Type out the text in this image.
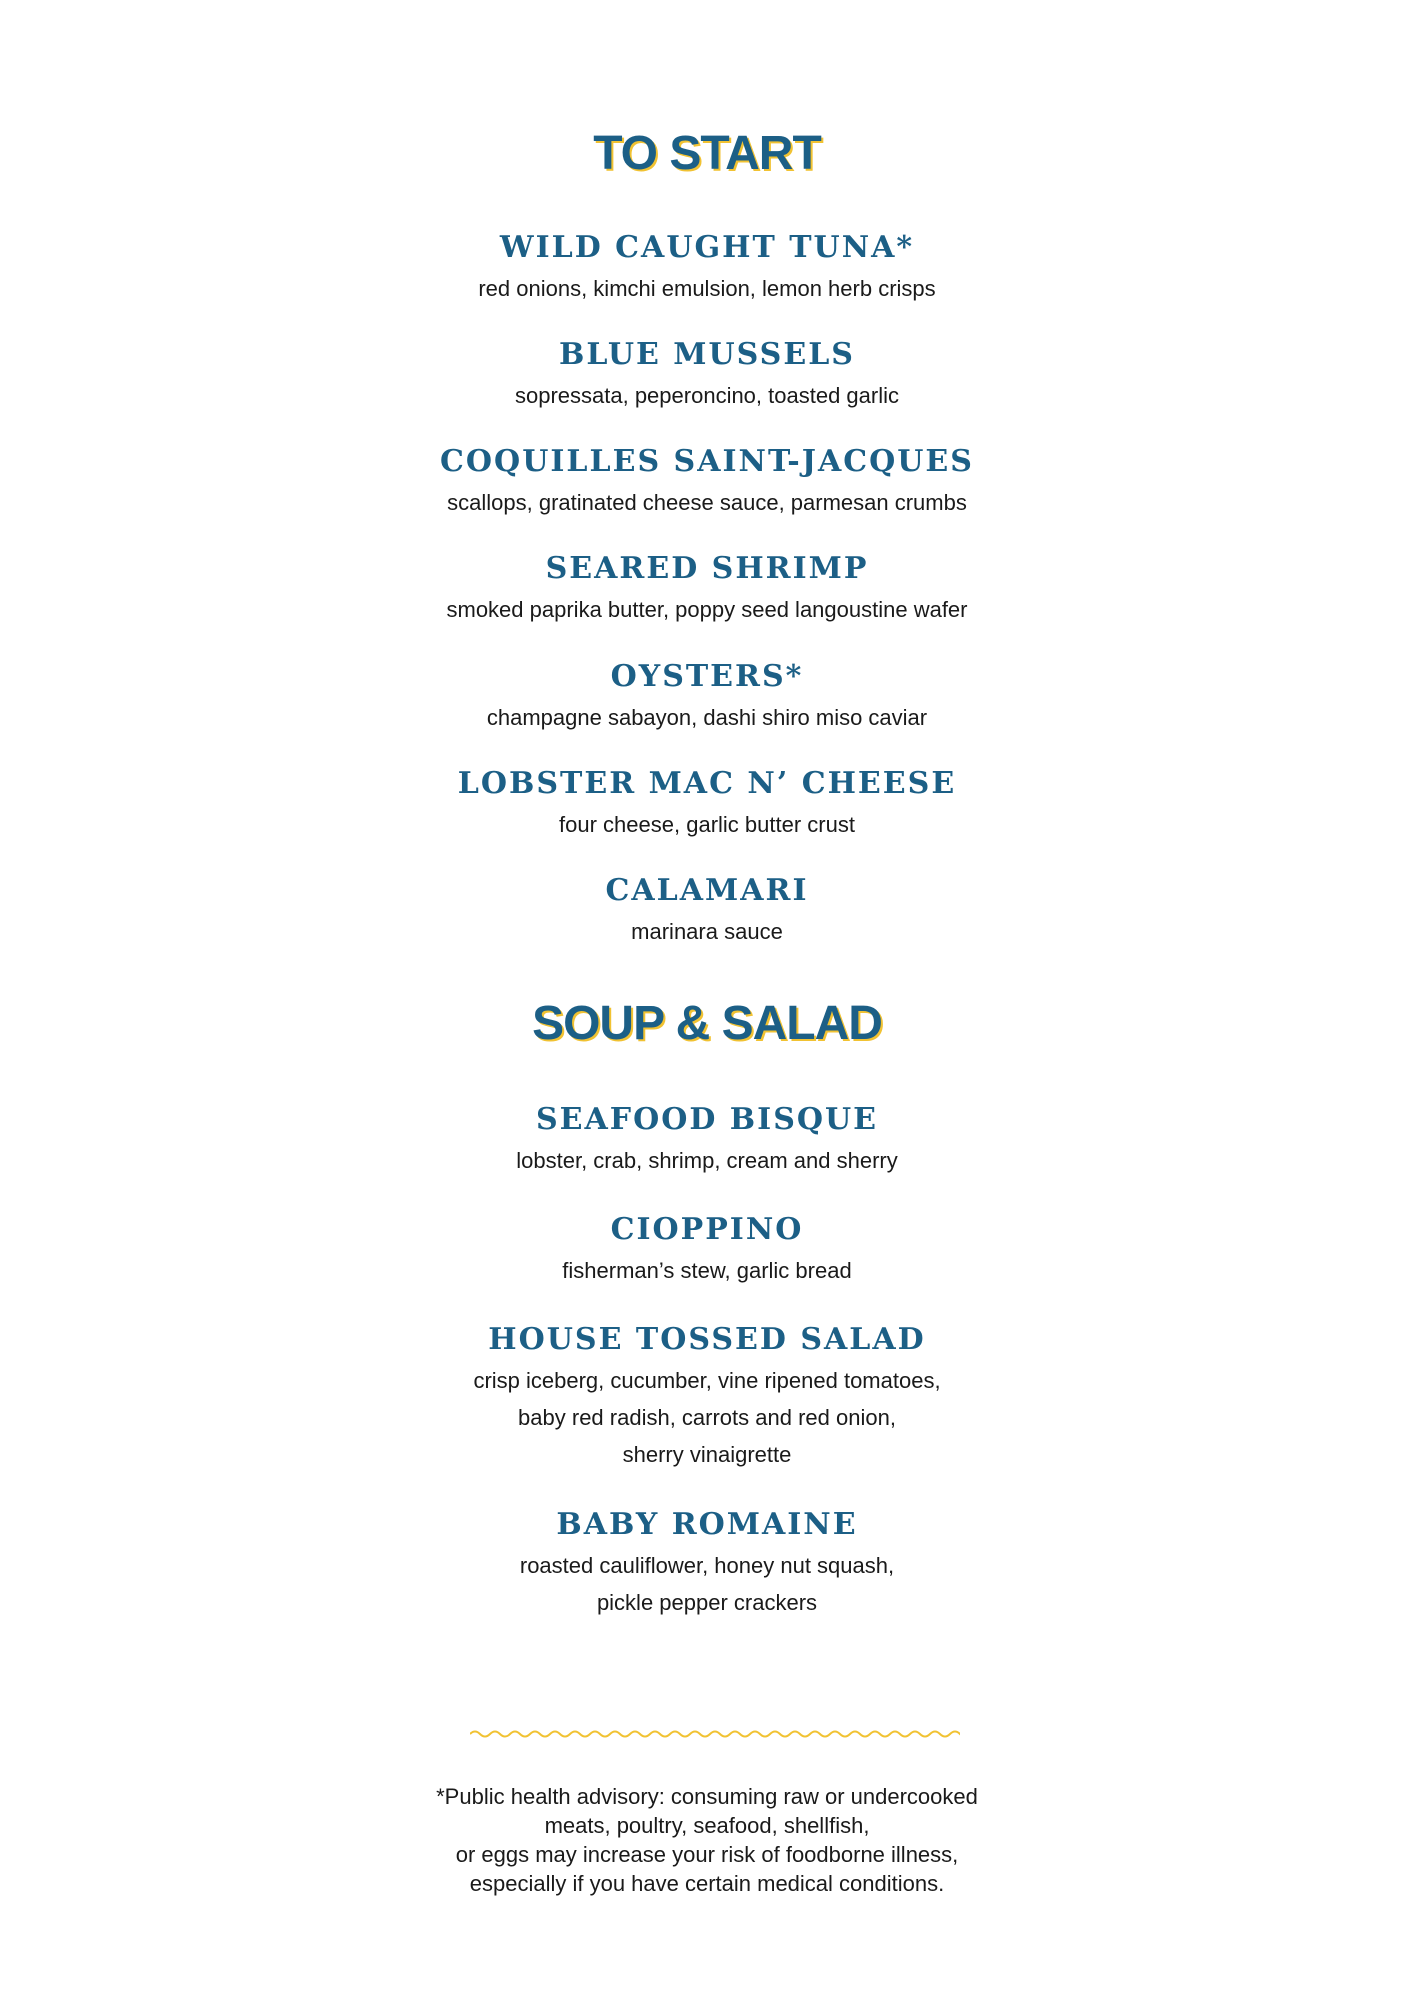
TO START
WILD CAUGHT TUNA*

red onions, kimchi emulsion, lemon herb crisps

BLUE MUSSELS

sopressata, peperoncino, toasted garlic

COQUILLES SAINT-JACQUES

scallops, gratinated cheese sauce, parmesan crumbs

SEARED SHRIMP

smoked paprika butter, poppy seed langoustine wafer

OYSTERS*

champagne sabayon, dashi shiro miso caviar

LOBSTER MAC N’ CHEESE

four cheese, garlic butter crust

CALAMARI

marinara sauce

SOUP & SALAD
SEAFOOD BISQUE

lobster, crab, shrimp, cream and sherry

CIOPPINO

fisherman’s stew, garlic bread

HOUSE TOSSED SALAD

crisp iceberg, cucumber, vine ripened tomatoes,
baby red radish, carrots and red onion,
sherry vinaigrette

BABY ROMAINE

roasted cauliflower, honey nut squash,
pickle pepper crackers

*Public health advisory: consuming raw or undercooked
meats, poultry, seafood, shellfish,
or eggs may increase your risk of foodborne illness,
especially if you have certain medical conditions.
